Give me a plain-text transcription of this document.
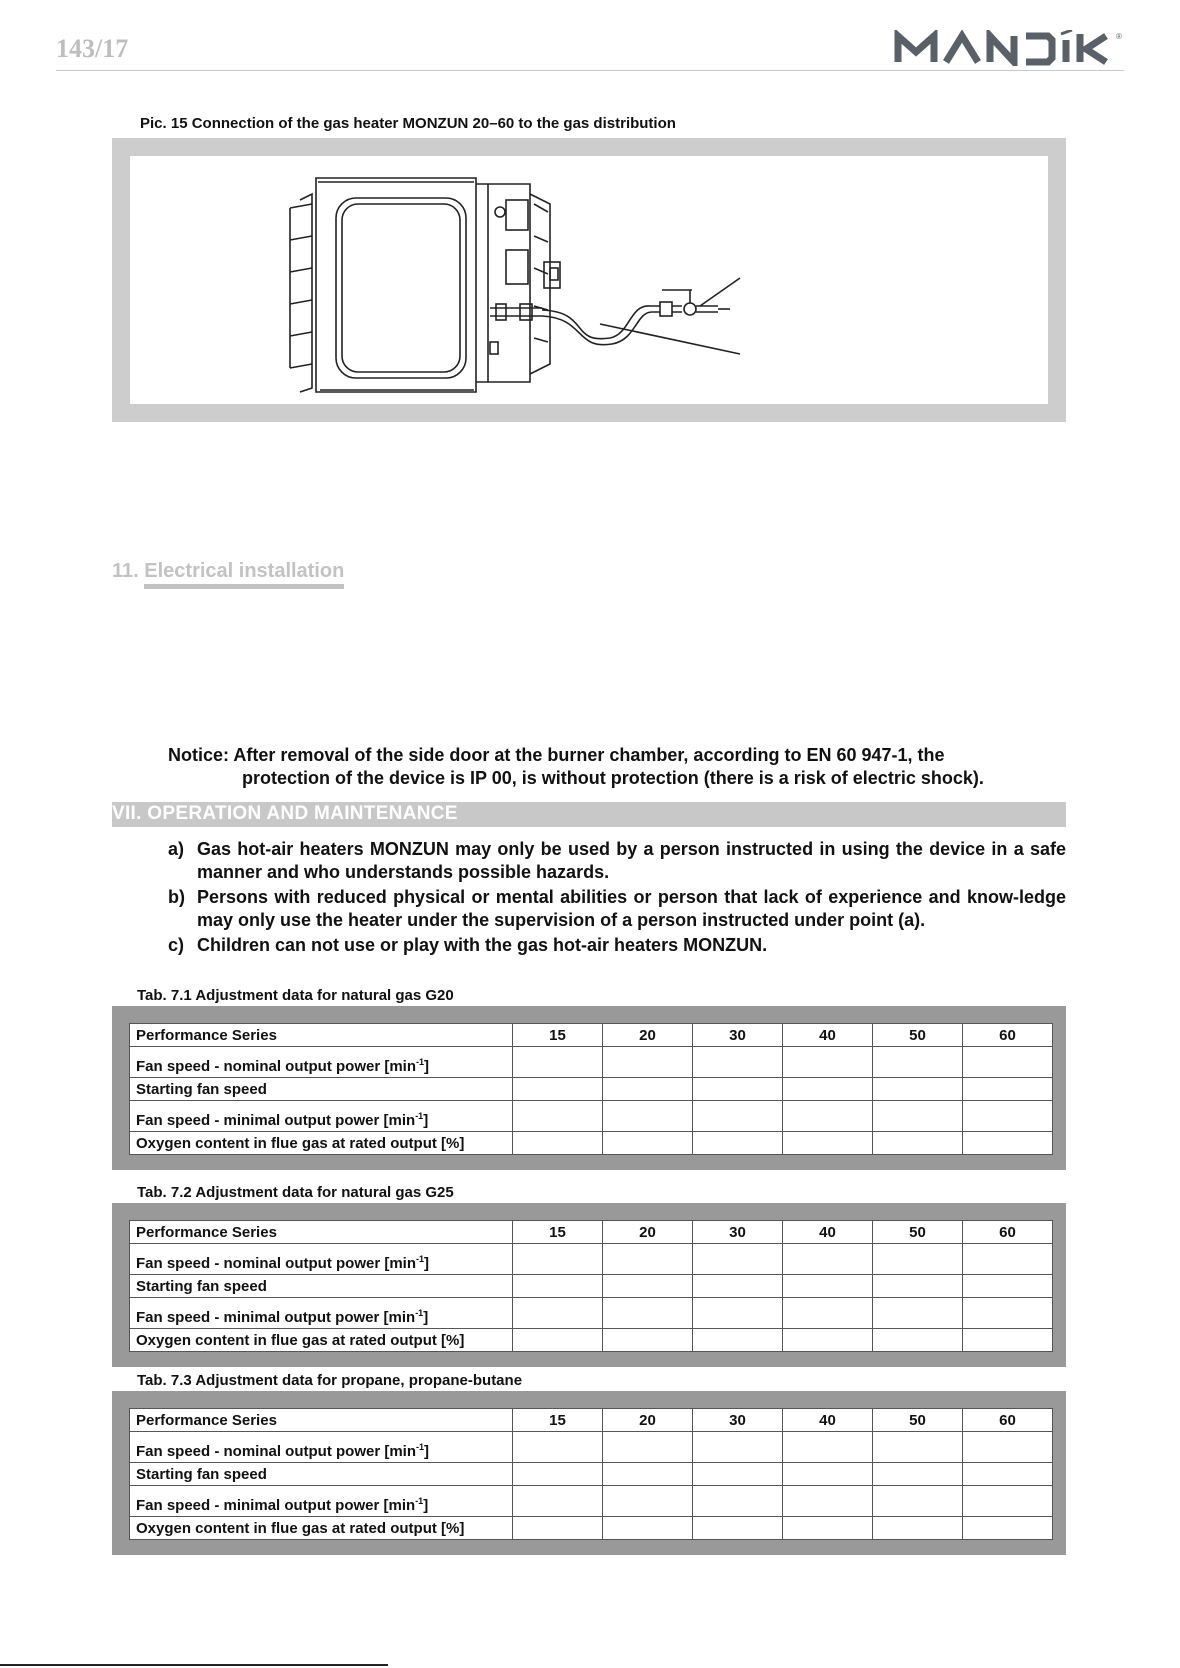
143/17	®
Pic. 15 Connection of the gas heater MONZUN 20–60 to the gas distribution
11. Electrical installation
Notice: After removal of the side door at the burner chamber, according to EN 60 947-1, the
protection of the device is IP 00, is without protection (there is a risk of electric shock).
VII. OPERATION AND MAINTENANCE
a) Gas hot-air heaters MONZUN may only be used by a person instructed in using the device in a safe manner and who understands possible hazards.
b) Persons with reduced physical or mental abilities or person that lack of experience and know-ledge may only use the heater under the supervision of a person instructed under point (a).
c) Children can not use or play with the gas hot-air heaters MONZUN.
Tab. 7.1 Adjustment data for natural gas G20
Performance Series	15	20	30	40	50	60
Fan speed - nominal output power $[\min^{-1}]$						
Starting fan speed						
Fan speed - minimal output power $[\min^{-1}]$						
Oxygen content in flue gas at rated output [%]						
Tab. 7.2 Adjustment data for natural gas G25
Performance Series	15	20	30	40	50	60
Fan speed - nominal output power $[\min^{-1}]$						
Starting fan speed						
Fan speed - minimal output power $[\min^{-1}]$						
Oxygen content in flue gas at rated output [%]						
Tab. 7.3 Adjustment data for propane, propane-butane
Performance Series	15	20	30	40	50	60
Fan speed - nominal output power $[\min^{-1}]$						
Starting fan speed						
Fan speed - minimal output power $[\min^{-1}]$						
Oxygen content in flue gas at rated output [%]						
